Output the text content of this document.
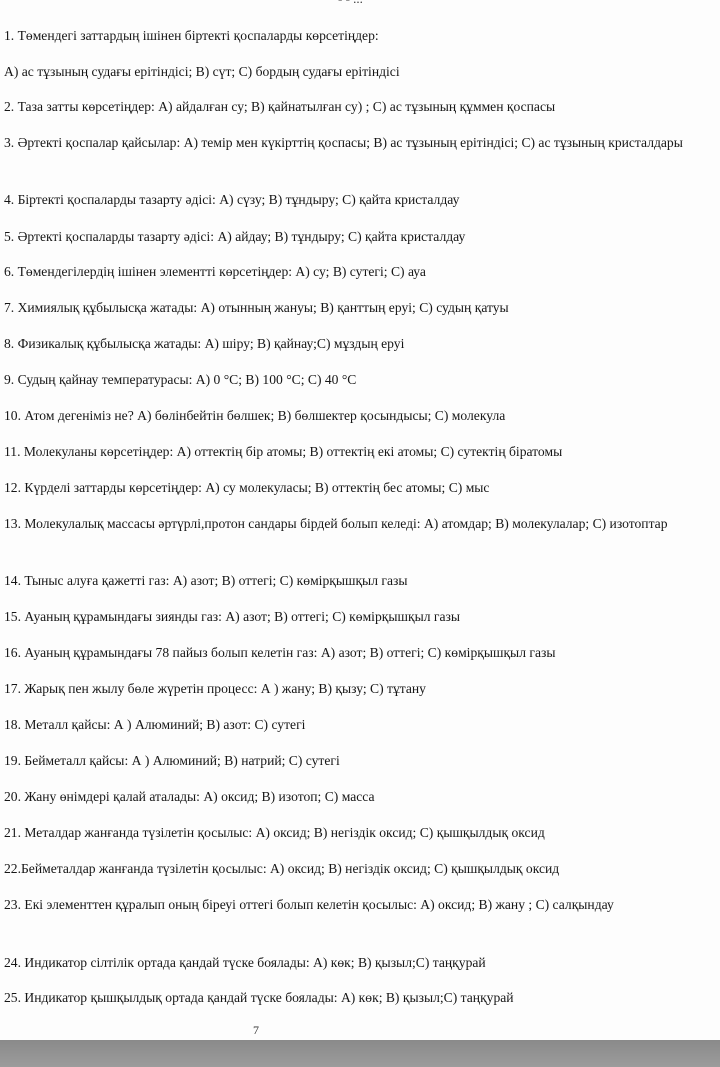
1. Төмендегі заттардың ішінен біртекті қоспаларды көрсетіңдер:
А) ас тұзының судағы ерітіндісі; В) сүт; С) бордың судағы ерітіндісі
2. Таза затты көрсетіңдер: А) айдалған су; В) қайнатылған су) ; С) ас тұзының құммен қоспасы
3. Әртекті қоспалар қайсылар: А) темір мен күкірттің қоспасы; В) ас тұзының ерітіндісі; С) ас тұзының кристалдары
4. Біртекті қоспаларды тазарту әдісі: А) сүзу; В) тұндыру; С) қайта кристалдау
5. Әртекті қоспаларды тазарту әдісі: А) айдау; В) тұндыру; С) қайта кристалдау
6. Төмендегілердің ішінен элементті көрсетіңдер: А) су; В) сутегі; С) ауа
7. Химиялық құбылысқа жатады: А) отынның жануы; В) қанттың еруі; С) судың қатуы
8. Физикалық құбылысқа жатады: А) шіру; В) қайнау;С) мұздың еруі
9. Судың қайнау температурасы: А) 0 °С; В) 100 °С; С) 40 °С
10. Атом дегеніміз не? А) бөлінбейтін бөлшек; В) бөлшектер қосындысы; С) молекула
11. Молекуланы көрсетіңдер: А) оттектің бір атомы; В) оттектің екі атомы; С) сутектің біратомы
12. Күрделі заттарды көрсетіңдер: А) су молекуласы; В) оттектің бес атомы; С) мыс
13. Молекулалық массасы әртүрлі,протон сандары бірдей болып келеді: А) атомдар; В) молекулалар; С) изотоптар
14. Тыныс алуға қажетті газ: А) азот; В) оттегі; С) көмірқышқыл газы
15. Ауаның құрамындағы зиянды газ: А) азот; В) оттегі; С) көмірқышқыл газы
16. Ауаның құрамындағы 78 пайыз болып келетін газ: А) азот; В) оттегі; С) көмірқышқыл газы
17. Жарық пен жылу бөле жүретін процесс: А ) жану; В) қызу; С) тұтану
18. Металл қайсы: А ) Алюминий; В) азот: С) сутегі
19. Бейметалл қайсы: А ) Алюминий; В) натрий; С) сутегі
20. Жану өнімдері қалай аталады: А) оксид; В) изотоп; С) масса
21. Металдар жанғанда түзілетін қосылыс: А) оксид; В) негіздік оксид; С) қышқылдық оксид
22.Бейметалдар жанғанда түзілетін қосылыс: А) оксид; В) негіздік оксид; С) қышқылдық оксид
23. Екі элементтен құралып оның біреуі оттегі болып келетін қосылыс: А) оксид; В) жану ; С) салқындау
24. Индикатор сілтілік ортада қандай түске боялады: А) көк; В) қызыл;С) таңқурай
25. Индикатор қышқылдық ортада қандай түске боялады: А) көк; В) қызыл;С) таңқурай
7
